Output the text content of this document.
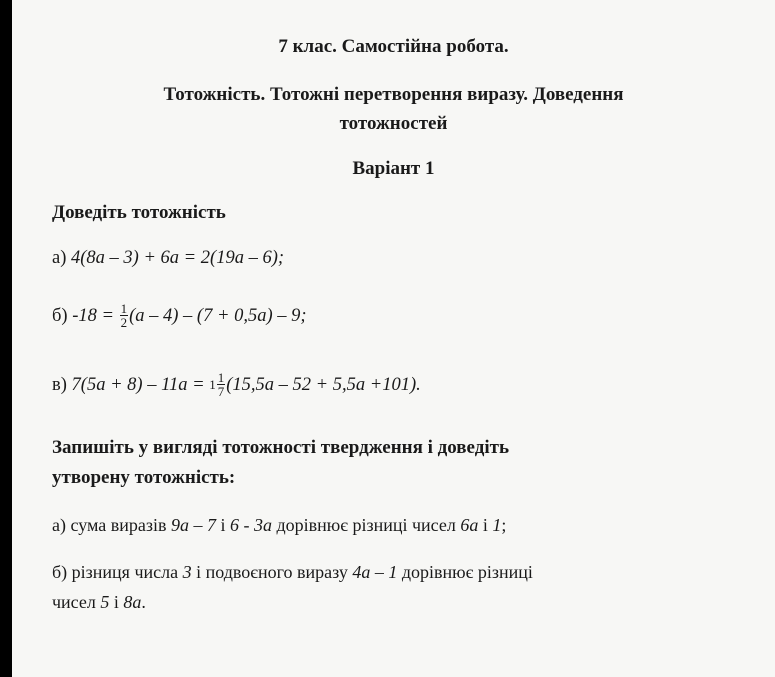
7 клас. Самостійна робота.
Тотожність. Тотожні перетворення виразу. Доведення
тотожностей
Варіант 1
Доведіть тотожність
а) 4(8a – 3) + 6a = 2(19a – 6);
б) $-18 = \frac{1}{2} (a - 4) - (7 + 0,5a) - 9$;
в) $7(5a + 8) - 11a = 1 \frac{1}{7} (15,5a - 52 + 5,5a +101)$.
Запишіть у вигляді тотожності твердження і доведіть
утворену тотожність:
а) сума виразів 9a – 7 і 6 - 3a дорівнює різниці чисел 6a і 1;
б) різниця числа 3 і подвоєного виразу 4a – 1 дорівнює різниці
чисел 5 і 8a.
